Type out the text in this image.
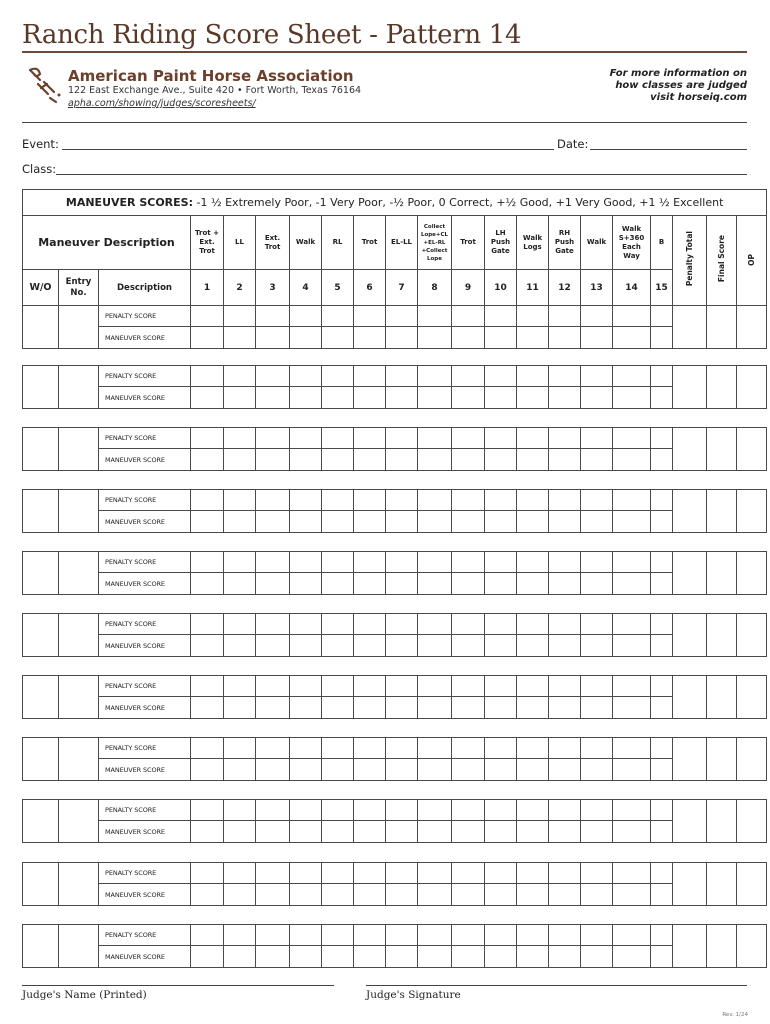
Ranch Riding Score Sheet - Pattern 14
American Paint Horse Association
122 East Exchange Ave., Suite 420 • Fort Worth, Texas 76164
apha.com/showing/judges/scoresheets/
For more information on
how classes are judged
visit horseiq.com
Event:	Date:
Class:
MANEUVER SCORES: -1 ½ Extremely Poor, -1 Very Poor, -½ Poor, 0 Correct, +½ Good, +1 Very Good, +1 ½ Excellent																				
Maneuver Description			Trot + Ext. Trot	LL	Ext. Trot	Walk	RL	Trot	EL-LL	Collect Lope+CL +EL-RL +Collect Lope	Trot	LH Push Gate	Walk Logs	RH Push Gate	Walk	Walk S+360 Each Way	B	Penalty Total	Final Score	OP
W/O	Entry No.	Description	1	2	3	4	5	6	7	8	9	10	11	12	13	14	15			
		PENALTY SCORE																		
		MANEUVER SCORE																		
		PENALTY SCORE																		
		MANEUVER SCORE																		
		PENALTY SCORE																		
		MANEUVER SCORE																		
		PENALTY SCORE																		
		MANEUVER SCORE																		
		PENALTY SCORE																		
		MANEUVER SCORE																		
		PENALTY SCORE																		
		MANEUVER SCORE																		
		PENALTY SCORE																		
		MANEUVER SCORE																		
		PENALTY SCORE																		
		MANEUVER SCORE																		
		PENALTY SCORE																		
		MANEUVER SCORE																		
		PENALTY SCORE																		
		MANEUVER SCORE																		
		PENALTY SCORE																		
		MANEUVER SCORE																		
Judge's Name (Printed)	Judge's Signature
Rev. 1/24
